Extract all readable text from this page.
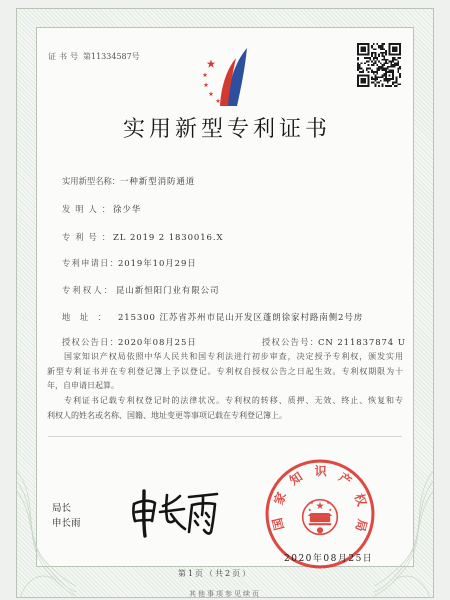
证书号 第11334587号
实用新型专利证书
实用新型名称： 一种新型消防通道
发明人： 徐少华
专利号： ZL 2019 2 1830016.X
专利申请日： 2019年10月29日
专利权人： 昆山新恒阳门业有限公司
地址： 215300 江苏省苏州市昆山开发区蓬朗徐家村路南侧2号房
授权公告日： 2020年08月25日	授权公告号： CN 211837874 U
国家知识产权局依照中华人民共和国专利法进行初步审查，决定授予专利权，颁发实用
新型专利证书并在专利登记簿上予以登记。专利权自授权公告之日起生效。专利权期限为十
年，自申请日起算。
专利证书记载专利权登记时的法律状况。专利权的转移、质押、无效、终止、恢复和专
利权人的姓名或名称、国籍、地址变更等事项记载在专利登记簿上。
局长
申长雨	国家知识产权局
2020年08月25日
第1页（共2页）
其他事项参见续页
